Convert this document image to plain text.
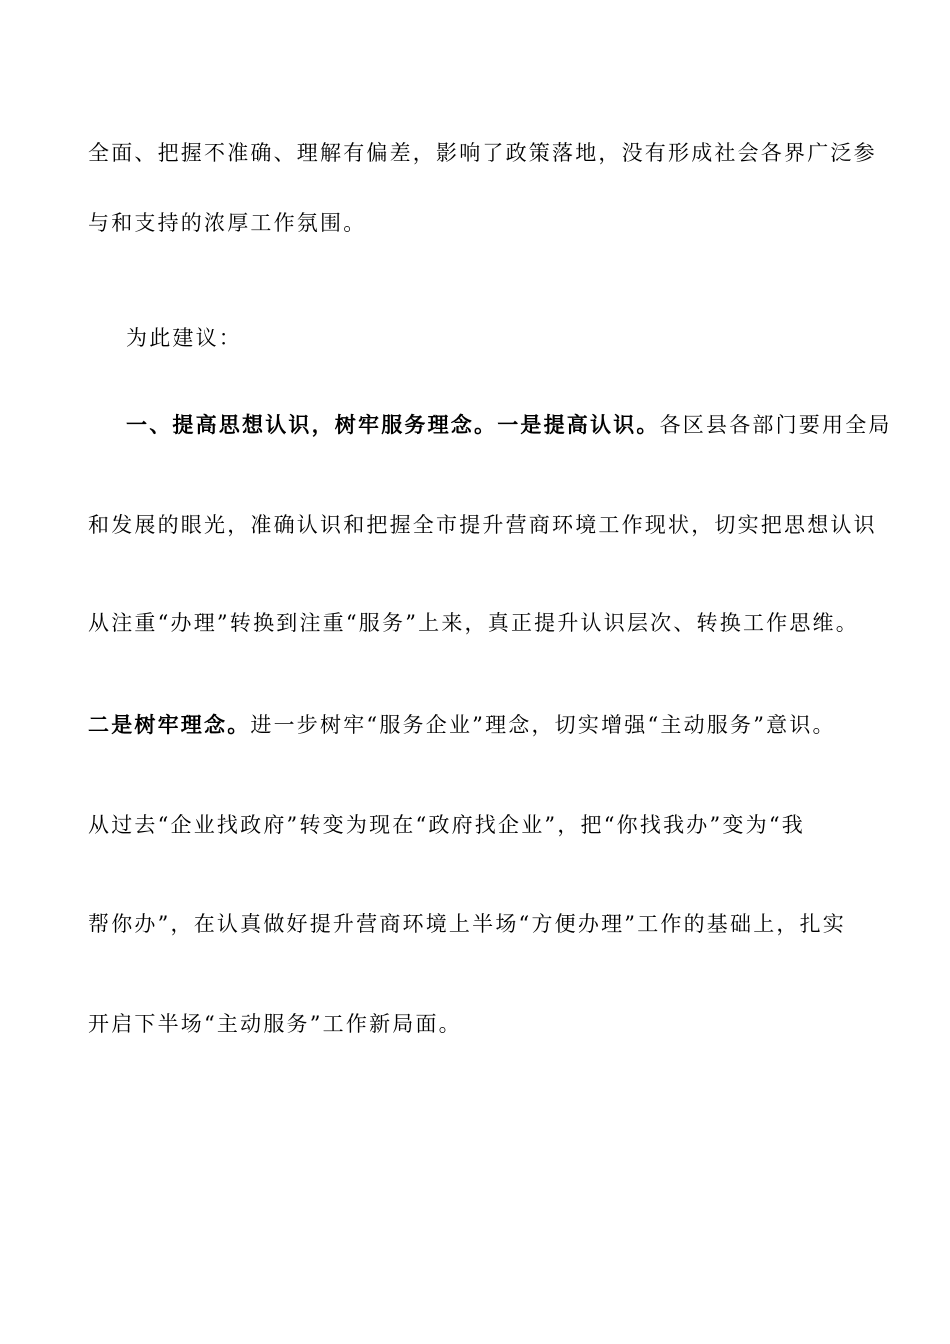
全面、把握不准确、理解有偏差，影响了政策落地，没有形成社会各界广泛参
与和支持的浓厚工作氛围。
为此建议：
一、提高思想认识，树牢服务理念。一是提高认识。各区县各部门要用全局
和发展的眼光，准确认识和把握全市提升营商环境工作现状，切实把思想认识
从注重“办理”转换到注重“服务”上来，真正提升认识层次、转换工作思维。
二是树牢理念。进一步树牢“服务企业”理念，切实增强“主动服务”意识。
从过去“企业找政府”转变为现在“政府找企业”，把“你找我办”变为“我
帮你办”，在认真做好提升营商环境上半场“方便办理”工作的基础上，扎实
开启下半场“主动服务”工作新局面。
